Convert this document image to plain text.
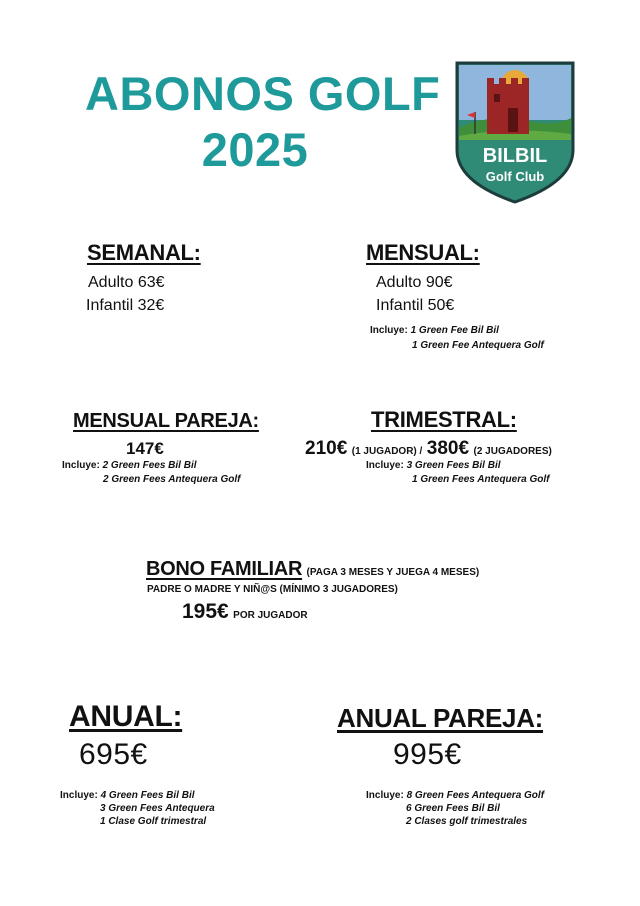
ABONOS GOLF
2025	BILBIL
Golf Club
SEMANAL:
Adulto 63€
Infantil 32€
MENSUAL:
Adulto 90€
Infantil 50€
Incluye: 1 Green Fee Bil Bil
1 Green Fee Antequera Golf
MENSUAL PAREJA:
147€
Incluye: 2 Green Fees Bil Bil
2 Green Fees Antequera Golf
TRIMESTRAL:
210€ (1 JUGADOR) / 380€ (2 JUGADORES)
Incluye: 3 Green Fees Bil Bil
1 Green Fees Antequera Golf
BONO FAMILIAR (PAGA 3 MESES Y JUEGA 4 MESES)
PADRE O MADRE Y NIÑ@S (MÍNIMO 3 JUGADORES)
195€ POR JUGADOR
ANUAL:
695€
Incluye: 4 Green Fees Bil Bil
3 Green Fees Antequera
1 Clase Golf trimestral
ANUAL PAREJA:
995€
Incluye: 8 Green Fees Antequera Golf
6 Green Fees Bil Bil
2 Clases golf trimestrales
